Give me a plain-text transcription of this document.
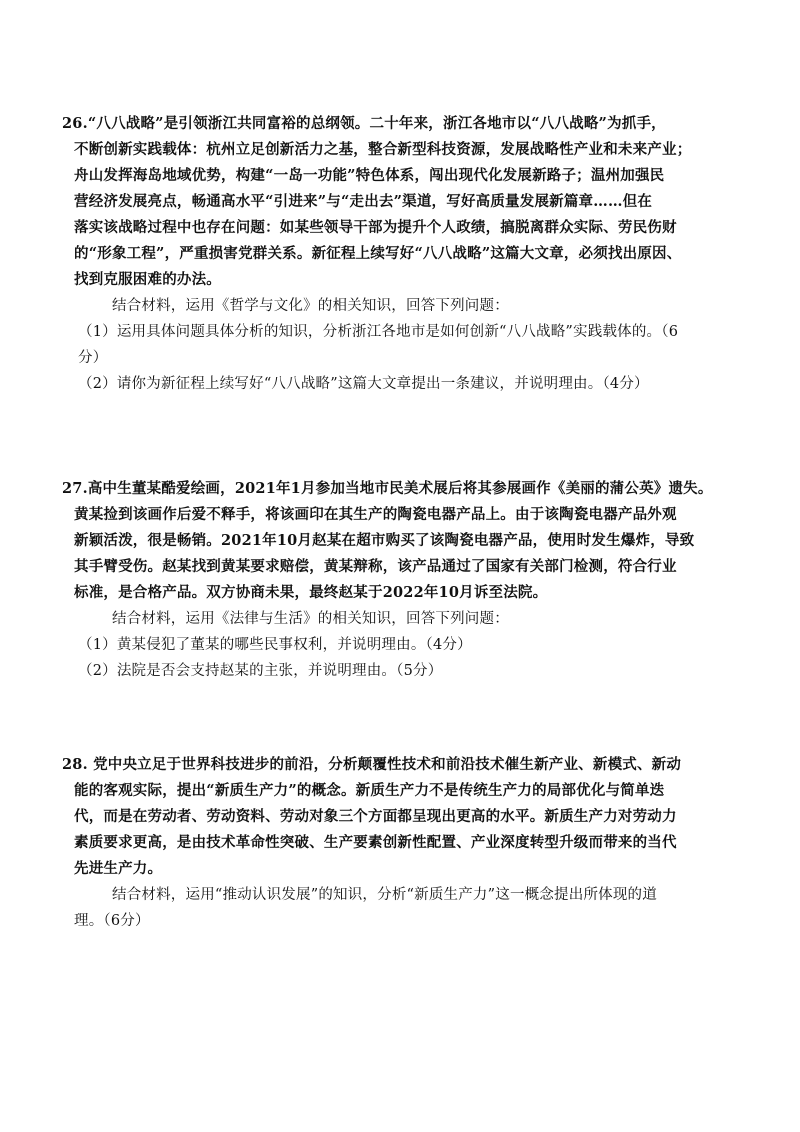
26.“八八战略”是引领浙江共同富裕的总纲领。二十年来，浙江各地市以“八八战略”为抓手，
不断创新实践载体：杭州立足创新活力之基，整合新型科技资源，发展战略性产业和未来产业；
舟山发挥海岛地域优势，构建“一岛一功能”特色体系，闯出现代化发展新路子；温州加强民
营经济发展亮点，畅通高水平“引进来”与“走出去”渠道，写好高质量发展新篇章……但在
落实该战略过程中也存在问题：如某些领导干部为提升个人政绩，搞脱离群众实际、劳民伤财
的“形象工程”，严重损害党群关系。新征程上续写好“八八战略”这篇大文章，必须找出原因、
找到克服困难的办法。
结合材料，运用《哲学与文化》的相关知识，回答下列问题：
（1）运用具体问题具体分析的知识，分析浙江各地市是如何创新“八八战略”实践载体的。（6
分）
（2）请你为新征程上续写好“八八战略”这篇大文章提出一条建议，并说明理由。（4分）
27.高中生董某酷爱绘画，2021年1月参加当地市民美术展后将其参展画作《美丽的蒲公英》遗失。
黄某捡到该画作后爱不释手，将该画印在其生产的陶瓷电器产品上。由于该陶瓷电器产品外观
新颖活泼，很是畅销。2021年10月赵某在超市购买了该陶瓷电器产品，使用时发生爆炸，导致
其手臂受伤。赵某找到黄某要求赔偿，黄某辩称，该产品通过了国家有关部门检测，符合行业
标准，是合格产品。双方协商未果，最终赵某于2022年10月诉至法院。
结合材料，运用《法律与生活》的相关知识，回答下列问题：
（1）黄某侵犯了董某的哪些民事权利，并说明理由。（4分）
（2）法院是否会支持赵某的主张，并说明理由。（5分）
28. 党中央立足于世界科技进步的前沿，分析颠覆性技术和前沿技术催生新产业、新模式、新动
能的客观实际，提出“新质生产力”的概念。新质生产力不是传统生产力的局部优化与简单迭
代，而是在劳动者、劳动资料、劳动对象三个方面都呈现出更高的水平。新质生产力对劳动力
素质要求更高，是由技术革命性突破、生产要素创新性配置、产业深度转型升级而带来的当代
先进生产力。
结合材料，运用“推动认识发展”的知识，分析“新质生产力”这一概念提出所体现的道
理。（6分）
